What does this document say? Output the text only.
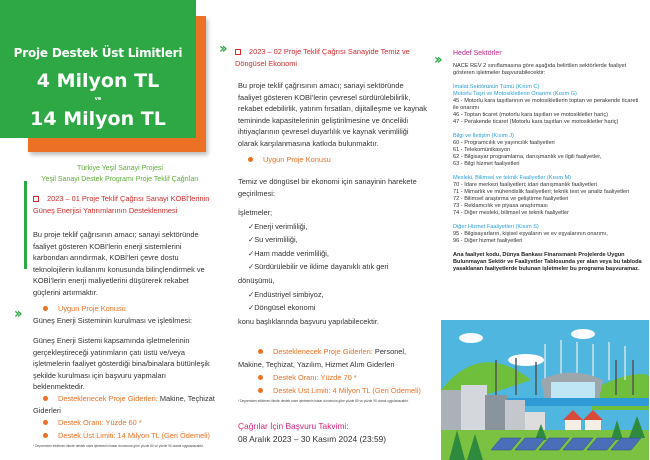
Proje Destek Üst Limitleri
4 Milyon TL
ve
14 Milyon TL
Türkiye Yeşil Sanayi Projesi
Yeşil Sanayi Destek Programı Proje Teklif Çağrıları
2023 – 01 Proje Teklif Çağrısı Sanayi KOBİ'lerinin Güneş Enerjisi Yatırımlarının Desteklenmesi
Bu proje teklif çağrısının amacı; sanayi sektöründe faaliyet gösteren KOBİ'lerin enerji sistemlerini karbondan arındırmak, KOBİ'leri çevre dostu teknolojilerin kullanımı konusunda bilinçlendirmek ve KOBİ'lerin enerji maliyetlerini düşürerek rekabet güçlerini artırmaktır.
››	Uygun Proje Konusu
Güneş Enerji Sisteminin kurulması ve işletilmesi:
Güneş Enerji Sistemi kapsamında işletmelerinin gerçekleştireceği yatırımların çatı üstü ve/veya işletmelerin faaliyet gösterdiği bina/binalara bütünleşik şekilde kurulması için başvuru yapmaları beklenmektedir.
Desteklenecek Proje Giderleri: Makine, Teçhizat Giderleri
Destek Oranı: Yüzde 60 *
Destek Üst Limiti: 14 Milyon TL (Geri Ödemeli)
* Depremden etkilenen illerde destek oranı işletmenin hasar durumuna göre yüzde 80 ve yüzde 90 olarak uygulanacaktır.
››	2023 – 02 Proje Teklif Çağrısı Sanayide Temiz ve Döngüsel Ekonomi
Bu proje teklif çağrısının amacı; sanayi sektöründe faaliyet gösteren KOBİ'lerin çevresel sürdürülebilirlik, rekabet edebilirlik, yatırım fırsatları, dijitalleşme ve kaynak temininde kapasitelerinin geliştirilmesine ve öncelikli ihtiyaçlarının çevresel duyarlılık ve kaynak verimliliği olarak karşılanmasına katkıda bulunmaktır.
Uygun Proje Konusu
Temiz ve döngüsel bir ekonomi için sanayinin harekete geçirilmesi:
İşletmeler;
✓Enerji verimliliği,
✓Su verimliliği,
✓Ham madde verimliliği,
✓Sürdürülebilir ve iklime dayanıklı atık geri
dönüşümü,
✓Endüstriyel simbiyoz,
✓Döngüsel ekonomi
konu başlıklarında başvuru yapılabilecektir.
Desteklenecek Proje Giderleri: Personel,
Makine, Teçhizat, Yazılım, Hizmet Alım Giderleri
Destek Oranı: Yüzde 70 *
Destek Üst Limiti: 4 Milyon TL (Geri Ödemeli)
* Depremden etkilenen illerde destek oranı işletmenin hasar durumuna göre yüzde 80 ve yüzde 90 olarak uygulanacaktır.
Çağrılar İçin Başvuru Takvimi:
08 Aralık 2023 – 30 Kasım 2024 (23:59)
›› Hedef Sektörler
NACE REV 2 sınıflamasına göre aşağıda belirtilen sektörlerde faaliyet gösteren işletmeler başvurabilecektir:
İmalat Sektörünün Tümü (Kısım C)
Motorlu Taşıt ve Motosikletlerin Onarımı (Kısım G)
45 - Motorlu kara taşıtlarının ve motosikletlerin toptan ve perakende ticareti ile onarımı
46 - Toptan ticaret (motorlu kara taşıtları ve motosikletler hariç)
47 - Perakende ticaret (Motorlu kara taşıtları ve motosikletler hariç)
Bilgi ve İletişim (Kısım J)
60 - Programcılık ve yayıncılık faaliyetleri
61 - Telekomünikasyon
62 - Bilgisayar programlama, danışmanlık ve ilgili faaliyetler,
63 - Bilgi hizmet faaliyetleri
Mesleki, Bilimsel ve teknik Faaliyetler (Kısım M)
70 - İdare merkezi faaliyetleri; idari danışmanlık faaliyetleri
71 - Mimarlık ve mühendislik faaliyetleri; teknik test ve analiz faaliyetleri
72 - Bilimsel araştırma ve geliştirme faaliyetleri
73 - Reklamcılık ve piyasa araştırması
74 - Diğer mesleki, bilimsel ve teknik faaliyetler
Diğer Hizmet Faaliyetleri (Kısım S)
95 - Bilgisayarların, kişisel eşyaların ve ev eşyalarının onarımı,
96 - Diğer hizmet faaliyetleri
Ana faaliyet kodu, Dünya Bankası Finansmanlı Projelerde Uygun Bulunmayan Sektör ve Faaliyetler Tablosunda yer alan veya bu tabloda yasaklanan faaliyetlerde bulunan işletmeler bu programa başvuramaz.
